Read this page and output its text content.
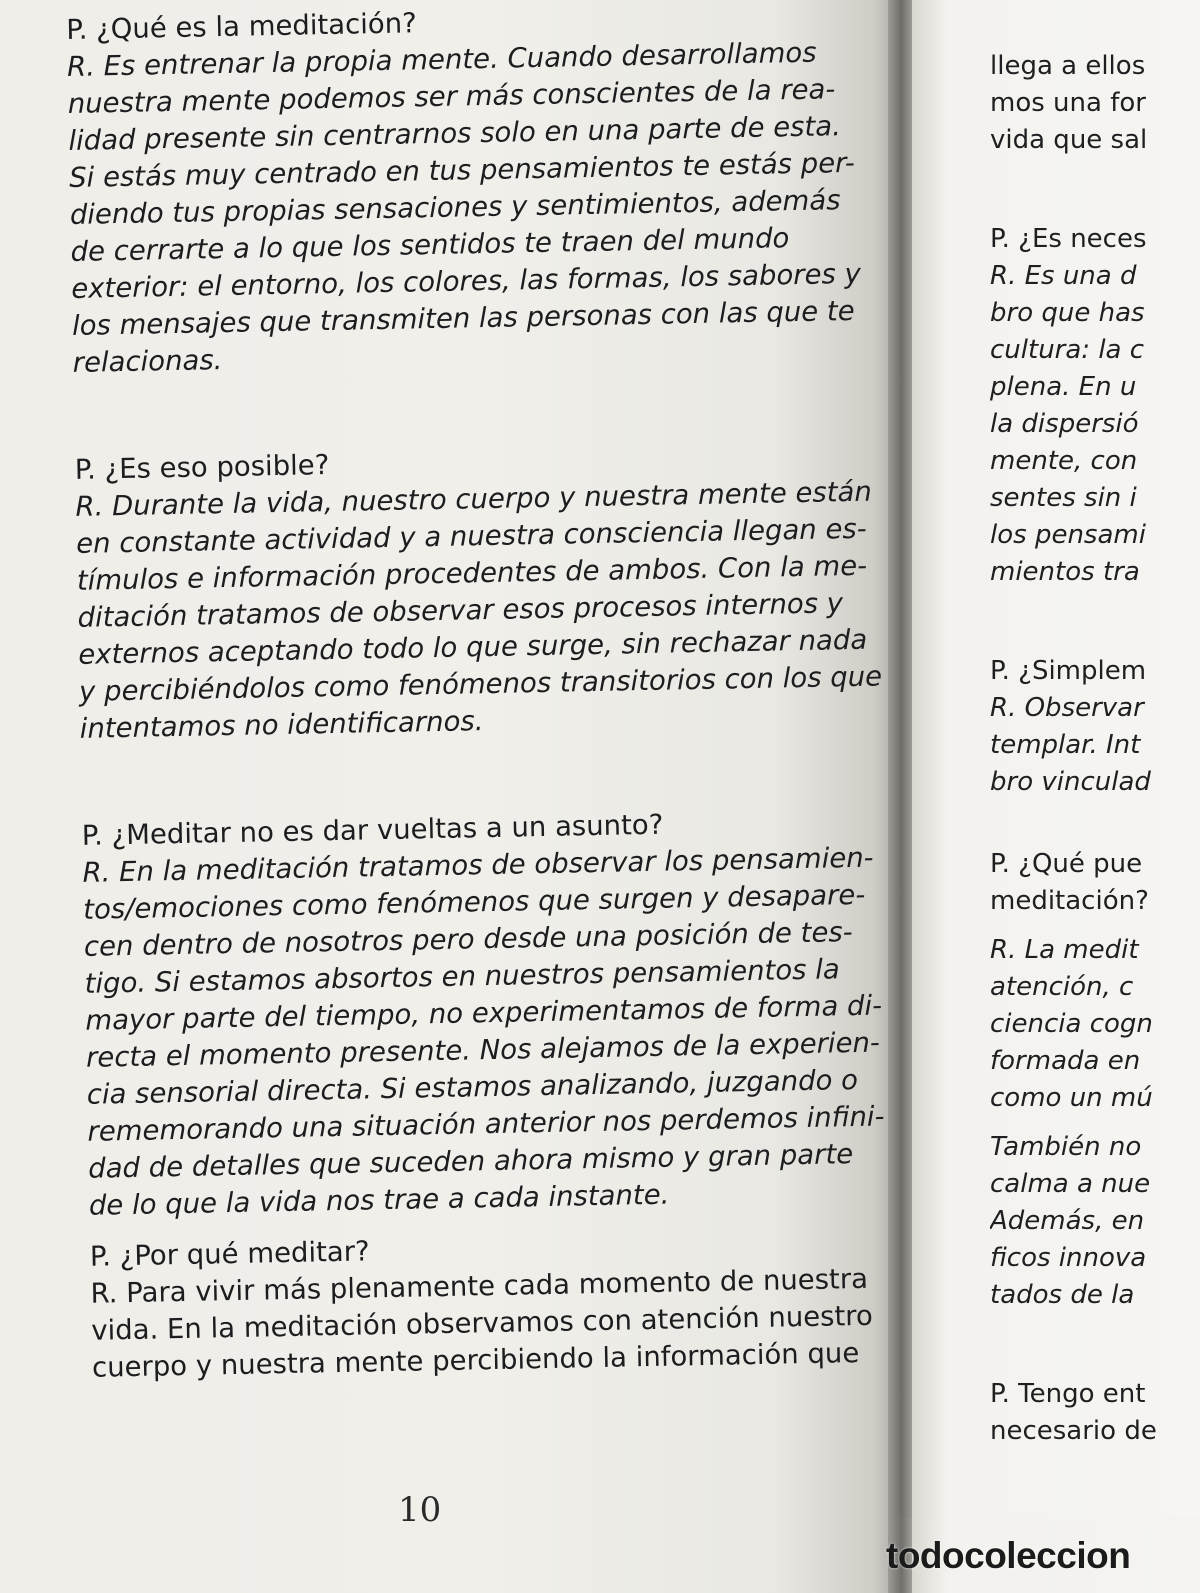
P. ¿Qué es la meditación?

R. Es entrenar la propia mente. Cuando desarrollamos
nuestra mente podemos ser más conscientes de la rea-
lidad presente sin centrarnos solo en una parte de esta.
Si estás muy centrado en tus pensamientos te estás per-
diendo tus propias sensaciones y sentimientos, además
de cerrarte a lo que los sentidos te traen del mundo
exterior: el entorno, los colores, las formas, los sabores y
los mensajes que transmiten las personas con las que te
relacionas.

P. ¿Es eso posible?

R. Durante la vida, nuestro cuerpo y nuestra mente están
en constante actividad y a nuestra consciencia llegan es-
tímulos e información procedentes de ambos. Con la me-
ditación tratamos de observar esos procesos internos y
externos aceptando todo lo que surge, sin rechazar nada
y percibiéndolos como fenómenos transitorios con los que
intentamos no identificarnos.

P. ¿Meditar no es dar vueltas a un asunto?

R. En la meditación tratamos de observar los pensamien-
tos/emociones como fenómenos que surgen y desapare-
cen dentro de nosotros pero desde una posición de tes-
tigo. Si estamos absortos en nuestros pensamientos la
mayor parte del tiempo, no experimentamos de forma di-
recta el momento presente. Nos alejamos de la experien-
cia sensorial directa. Si estamos analizando, juzgando o
rememorando una situación anterior nos perdemos infini-
dad de detalles que suceden ahora mismo y gran parte
de lo que la vida nos trae a cada instante.

P. ¿Por qué meditar?

R. Para vivir más plenamente cada momento de nuestra
vida. En la meditación observamos con atención nuestro
cuerpo y nuestra mente percibiendo la información que
10
llega a ellos
mos una for
vida que sal
P. ¿Es neces
R. Es una d
bro que has
cultura: la c
plena. En u
la dispersió
mente, con
sentes sin i
los pensami
mientos tra
P. ¿Simplem
R. Observar
templar. Int
bro vinculad
P. ¿Qué pue
meditación?
R. La medit
atención, c
ciencia cogn
formada en
como un mú
También no
calma a nue
Además, en
ficos innova
tados de la
P. Tengo ent
necesario de
todocoleccion
